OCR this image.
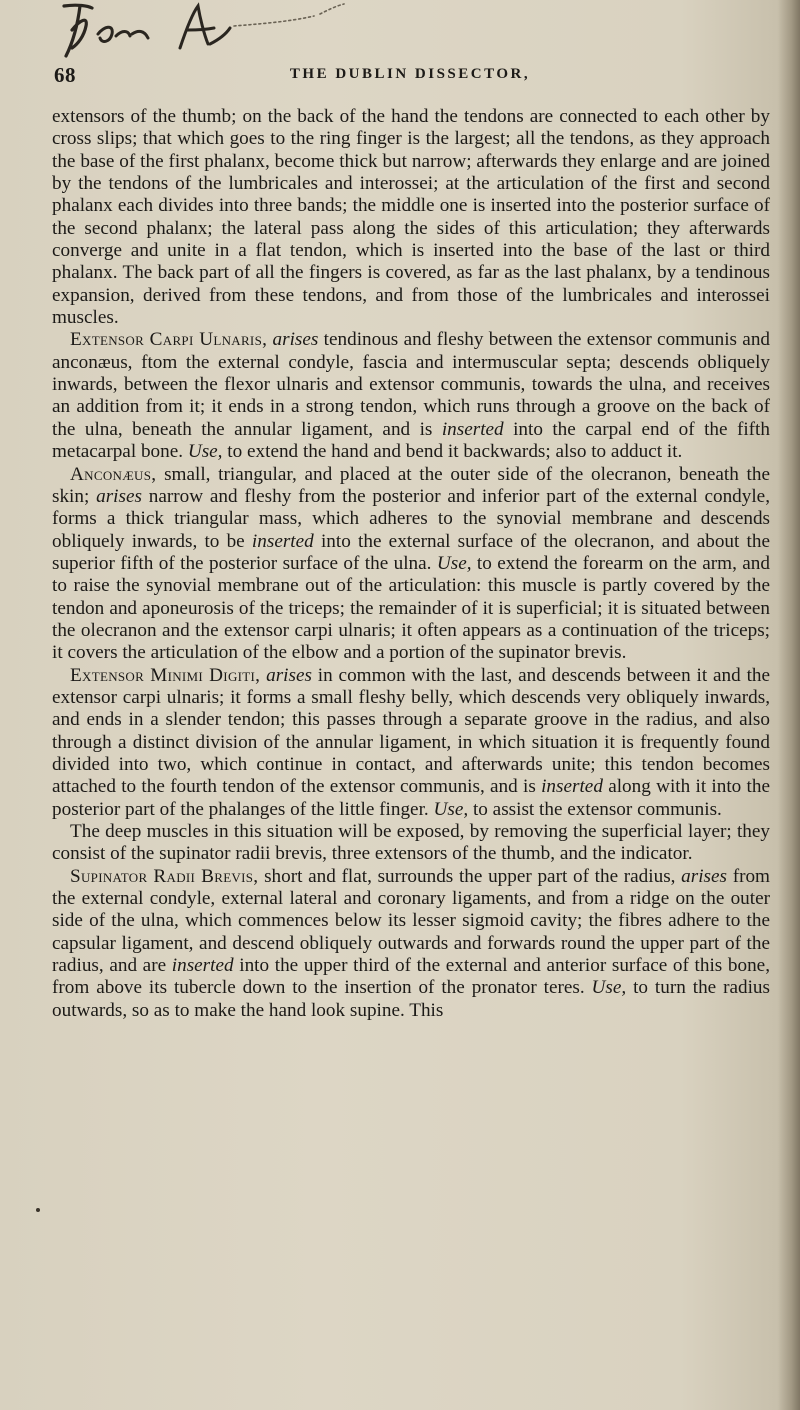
68	THE DUBLIN DISSECTOR,

extensors of the thumb; on the back of the hand the tendons are connected to each other by cross slips; that which goes to the ring finger is the largest; all the tendons, as they approach the base of the first phalanx, become thick but narrow; afterwards they enlarge and are joined by the tendons of the lumbricales and interossei; at the articulation of the first and second phalanx each divides into three bands; the middle one is inserted into the posterior surface of the second phalanx; the lateral pass along the sides of this articulation; they afterwards converge and unite in a flat tendon, which is inserted into the base of the last or third phalanx. The back part of all the fingers is covered, as far as the last phalanx, by a tendinous expansion, derived from these tendons, and from those of the lumbricales and interossei muscles.

Extensor Carpi Ulnaris, arises tendinous and fleshy between the extensor communis and anconæus, ftom the external condyle, fascia and intermuscular septa; descends obliquely inwards, between the flexor ulnaris and extensor communis, towards the ulna, and receives an addition from it; it ends in a strong tendon, which runs through a groove on the back of the ulna, beneath the annular ligament, and is inserted into the carpal end of the fifth metacarpal bone. Use, to extend the hand and bend it backwards; also to adduct it.

Anconæus, small, triangular, and placed at the outer side of the olecranon, beneath the skin; arises narrow and fleshy from the posterior and inferior part of the external condyle, forms a thick triangular mass, which adheres to the synovial membrane and descends obliquely inwards, to be inserted into the external surface of the olecranon, and about the superior fifth of the posterior surface of the ulna. Use, to extend the forearm on the arm, and to raise the synovial membrane out of the articulation: this muscle is partly covered by the tendon and aponeurosis of the triceps; the remainder of it is superficial; it is situated between the olecranon and the extensor carpi ulnaris; it often appears as a continuation of the triceps; it covers the articulation of the elbow and a portion of the supinator brevis.

Extensor Minimi Digiti, arises in common with the last, and descends between it and the extensor carpi ulnaris; it forms a small fleshy belly, which descends very obliquely inwards, and ends in a slender tendon; this passes through a separate groove in the radius, and also through a distinct division of the annular ligament, in which situation it is frequently found divided into two, which continue in contact, and afterwards unite; this tendon becomes attached to the fourth tendon of the extensor communis, and is inserted along with it into the posterior part of the phalanges of the little finger. Use, to assist the extensor communis.

The deep muscles in this situation will be exposed, by removing the superficial layer; they consist of the supinator radii brevis, three extensors of the thumb, and the indicator.

Supinator Radii Brevis, short and flat, surrounds the upper part of the radius, arises from the external condyle, external lateral and coronary ligaments, and from a ridge on the outer side of the ulna, which commences below its lesser sigmoid cavity; the fibres adhere to the capsular ligament, and descend obliquely outwards and forwards round the upper part of the radius, and are inserted into the upper third of the external and anterior surface of this bone, from above its tubercle down to the insertion of the pronator teres. Use, to turn the radius outwards, so as to make the hand look supine. This
